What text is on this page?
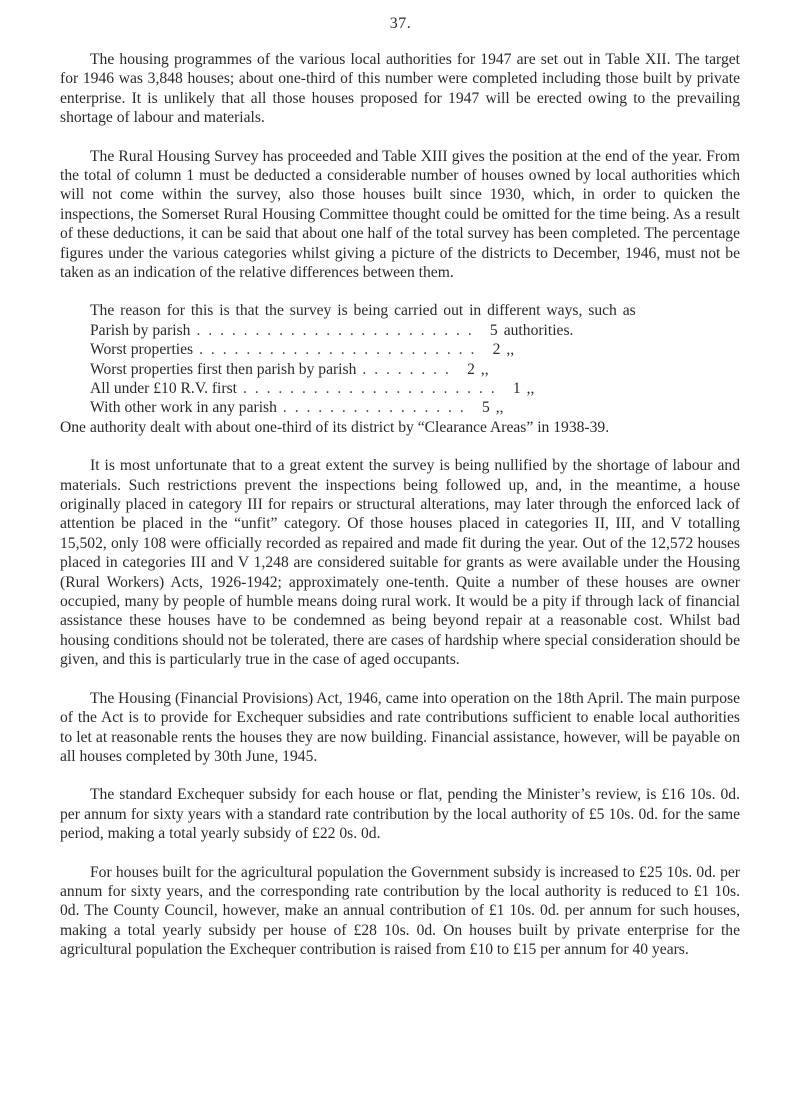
37.

The housing programmes of the various local authorities for 1947 are set out in Table XII. The target for 1946 was 3,848 houses; about one-third of this number were completed including those built by private enterprise. It is unlikely that all those houses proposed for 1947 will be erected owing to the prevailing shortage of labour and materials.

The Rural Housing Survey has proceeded and Table XIII gives the position at the end of the year. From the total of column 1 must be deducted a considerable number of houses owned by local authorities which will not come within the survey, also those houses built since 1930, which, in order to quicken the inspections, the Somerset Rural Housing Committee thought could be omitted for the time being. As a result of these deductions, it can be said that about one half of the total survey has been completed. The percentage figures under the various categories whilst giving a picture of the districts to December, 1946, must not be taken as an indication of the relative differences between them.

The reason for this is that the survey is being carried out in different ways, such as

Parish by parish . . . . . . . . . . . . . . . . . . . . . . . .	5 authorities.
Worst properties . . . . . . . . . . . . . . . . . . . . . . . .	2 ,,
Worst properties first then parish by parish . . . . . . . .	2 ,,
All under £10 R.V. first . . . . . . . . . . . . . . . . . . . . . .	1 ,,
With other work in any parish . . . . . . . . . . . . . . . .	5 ,,

One authority dealt with about one-third of its district by “Clearance Areas” in 1938-39.

It is most unfortunate that to a great extent the survey is being nullified by the shortage of labour and materials. Such restrictions prevent the inspections being followed up, and, in the meantime, a house originally placed in category III for repairs or structural alterations, may later through the enforced lack of attention be placed in the “unfit” category. Of those houses placed in categories II, III, and V totalling 15,502, only 108 were officially recorded as repaired and made fit during the year. Out of the 12,572 houses placed in categories III and V 1,248 are considered suitable for grants as were available under the Housing (Rural Workers) Acts, 1926-1942; approximately one-tenth. Quite a number of these houses are owner occupied, many by people of humble means doing rural work. It would be a pity if through lack of financial assistance these houses have to be condemned as being beyond repair at a reasonable cost. Whilst bad housing conditions should not be tolerated, there are cases of hardship where special consideration should be given, and this is particularly true in the case of aged occupants.

The Housing (Financial Provisions) Act, 1946, came into operation on the 18th April. The main purpose of the Act is to provide for Exchequer subsidies and rate contributions sufficient to enable local authorities to let at reasonable rents the houses they are now building. Financial assistance, however, will be payable on all houses completed by 30th June, 1945.

The standard Exchequer subsidy for each house or flat, pending the Minister’s review, is £16 10s. 0d. per annum for sixty years with a standard rate contribution by the local authority of £5 10s. 0d. for the same period, making a total yearly subsidy of £22 0s. 0d.

For houses built for the agricultural population the Government subsidy is increased to £25 10s. 0d. per annum for sixty years, and the corresponding rate contribution by the local authority is reduced to £1 10s. 0d. The County Council, however, make an annual contribution of £1 10s. 0d. per annum for such houses, making a total yearly subsidy per house of £28 10s. 0d. On houses built by private enterprise for the agricultural population the Exchequer contribution is raised from £10 to £15 per annum for 40 years.
